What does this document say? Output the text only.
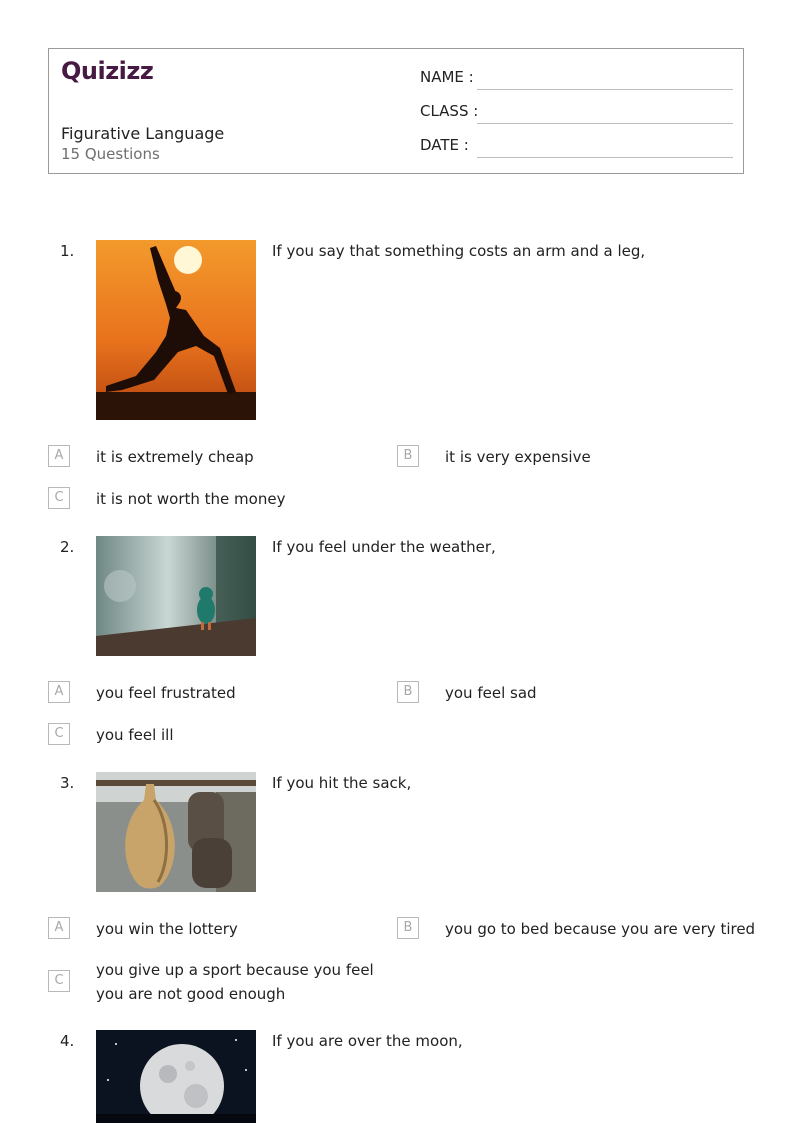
Quizizz
Figurative Language
15 Questions
NAME :
CLASS :
DATE :
1.	If you say that something costs an arm and a leg,
A	it is extremely cheap	B	it is very expensive
C	it is not worth the money
2.	If you feel under the weather,
A	you feel frustrated	B	you feel sad
C	you feel ill
3.	If you hit the sack,
A	you win the lottery	B	you go to bed because you are very tired
C
you give up a sport because you feel you are not good enough
4.	If you are over the moon,
